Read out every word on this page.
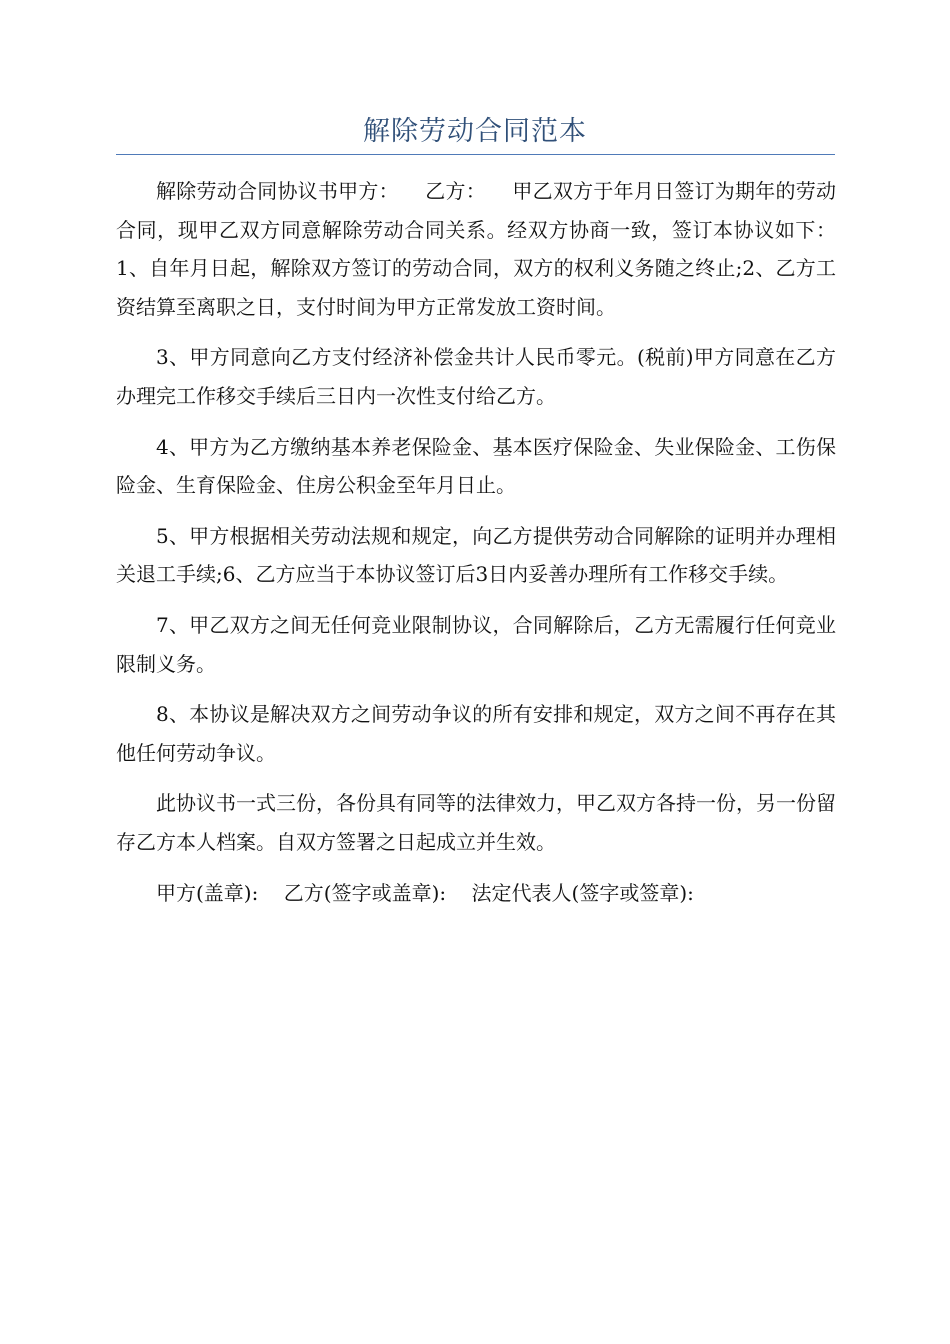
解除劳动合同范本

解除劳动合同协议书甲方：    乙方：    甲乙双方于年月日签订为期年的劳动合同，现甲乙双方同意解除劳动合同关系。经双方协商一致，签订本协议如下：   1、自年月日起，解除双方签订的劳动合同，双方的权利义务随之终止;2、乙方工资结算至离职之日，支付时间为甲方正常发放工资时间。

3、甲方同意向乙方支付经济补偿金共计人民币零元。(税前)甲方同意在乙方办理完工作移交手续后三日内一次性支付给乙方。

4、甲方为乙方缴纳基本养老保险金、基本医疗保险金、失业保险金、工伤保险金、生育保险金、住房公积金至年月日止。

5、甲方根据相关劳动法规和规定，向乙方提供劳动合同解除的证明并办理相关退工手续;6、乙方应当于本协议签订后3日内妥善办理所有工作移交手续。

7、甲乙双方之间无任何竞业限制协议，合同解除后，乙方无需履行任何竞业限制义务。

8、本协议是解决双方之间劳动争议的所有安排和规定，双方之间不再存在其他任何劳动争议。

此协议书一式三份，各份具有同等的法律效力，甲乙双方各持一份，另一份留存乙方本人档案。自双方签署之日起成立并生效。

甲方(盖章):    乙方(签字或盖章):    法定代表人(签字或签章):
